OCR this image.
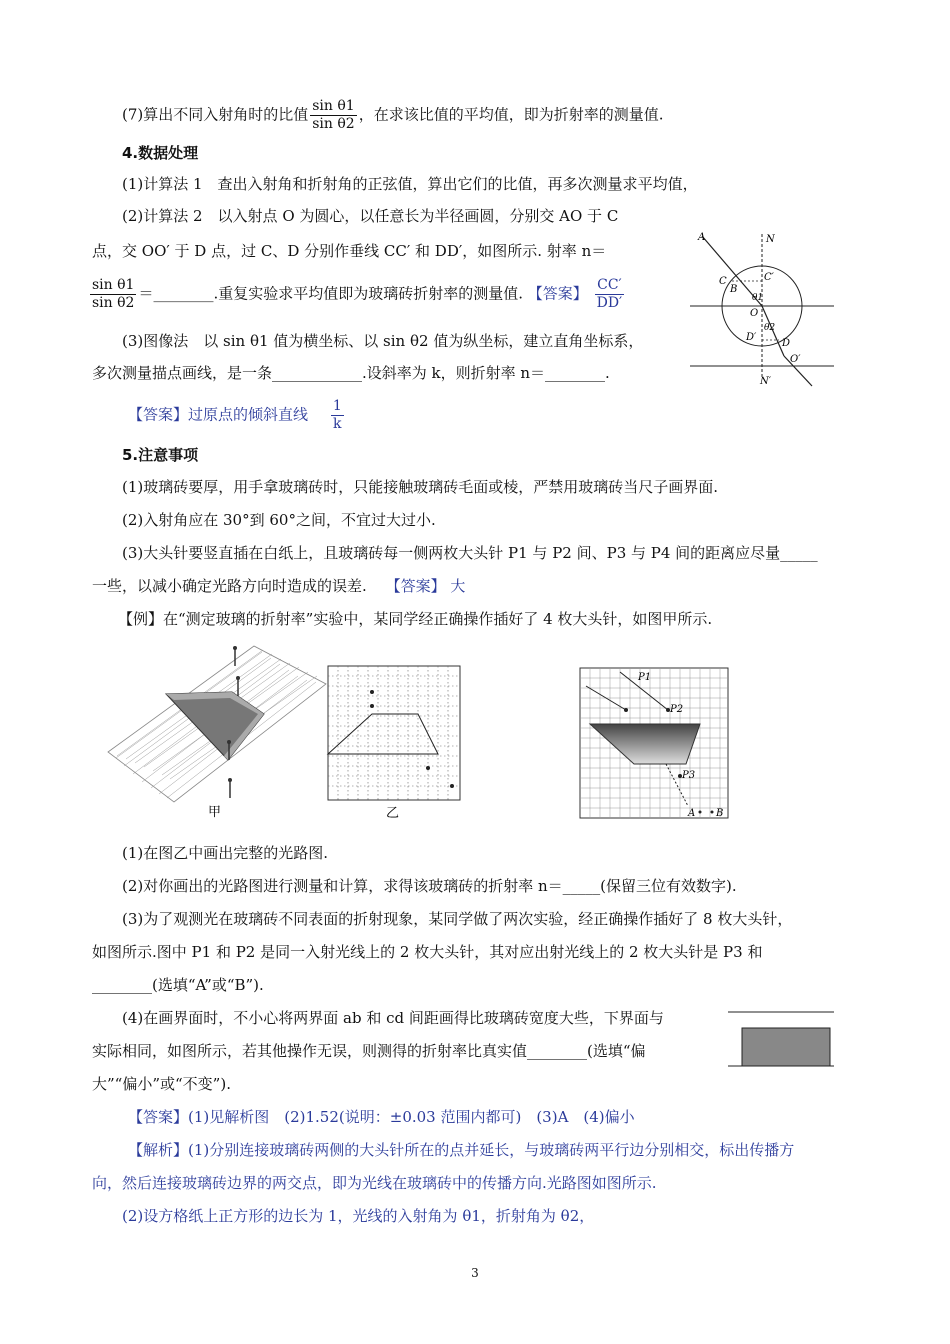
(7)算出不同入射角时的比值 $\frac{\text{sin θ1}}{\text{sin θ2}}$ ，在求该比值的平均值，即为折射率的测量值.
4.数据处理
(1)计算法 1　查出入射角和折射角的正弦值，算出它们的比值，再多次测量求平均值，
(2)计算法 2　以入射点 O 为圆心，以任意长为半径画圆，分别交 AO 于 C
点，交 OO′ 于 D 点，过 C、D 分别作垂线 CC′ 和 DD′，如图所示. 射率 n＝
$\frac{\text{sin θ1}}{\text{sin θ2}}$ ＝________.重复实验求平均值即为玻璃砖折射率的测量值. 【答案】 $\frac{CC'}{DD'}$
(3)图像法　以 sin θ1 值为横坐标、以 sin θ2 值为纵坐标，建立直角坐标系，
多次测量描点画线，是一条____________.设斜率为 k，则折射率 n＝________.
【答案】过原点的倾斜直线 $\frac{1}{k}$
A	N
C	C′
B
θ1
O
θ2
D′
D
O′
N′
5.注意事项
(1)玻璃砖要厚，用手拿玻璃砖时，只能接触玻璃砖毛面或棱，严禁用玻璃砖当尺子画界面.
(2)入射角应在 30°到 60°之间，不宜过大过小.
(3)大头针要竖直插在白纸上，且玻璃砖每一侧两枚大头针 P1 与 P2 间、P3 与 P4 间的距离应尽量_____
一些，以减小确定光路方向时造成的误差. 【答案】 大
【例】在“测定玻璃的折射率”实验中，某同学经正确操作插好了 4 枚大头针，如图甲所示.
甲	乙
P1
P2
P3
A B
(1)在图乙中画出完整的光路图.
(2)对你画出的光路图进行测量和计算，求得该玻璃砖的折射率 n＝_____(保留三位有效数字).
(3)为了观测光在玻璃砖不同表面的折射现象，某同学做了两次实验，经正确操作插好了 8 枚大头针，
如图所示.图中 P1 和 P2 是同一入射光线上的 2 枚大头针，其对应出射光线上的 2 枚大头针是 P3 和
________(选填“A”或“B”).
(4)在画界面时，不小心将两界面 ab 和 cd 间距画得比玻璃砖宽度大些，下界面与
实际相同，如图所示，若其他操作无误，则测得的折射率比真实值________(选填“偏
大”“偏小”或“不变”).
【答案】(1)见解析图　(2)1.52(说明：±0.03 范围内都可)　(3)A　(4)偏小
【解析】(1)分别连接玻璃砖两侧的大头针所在的点并延长，与玻璃砖两平行边分别相交，标出传播方
向，然后连接玻璃砖边界的两交点，即为光线在玻璃砖中的传播方向.光路图如图所示.
(2)设方格纸上正方形的边长为 1，光线的入射角为 θ1，折射角为 θ2，
3
